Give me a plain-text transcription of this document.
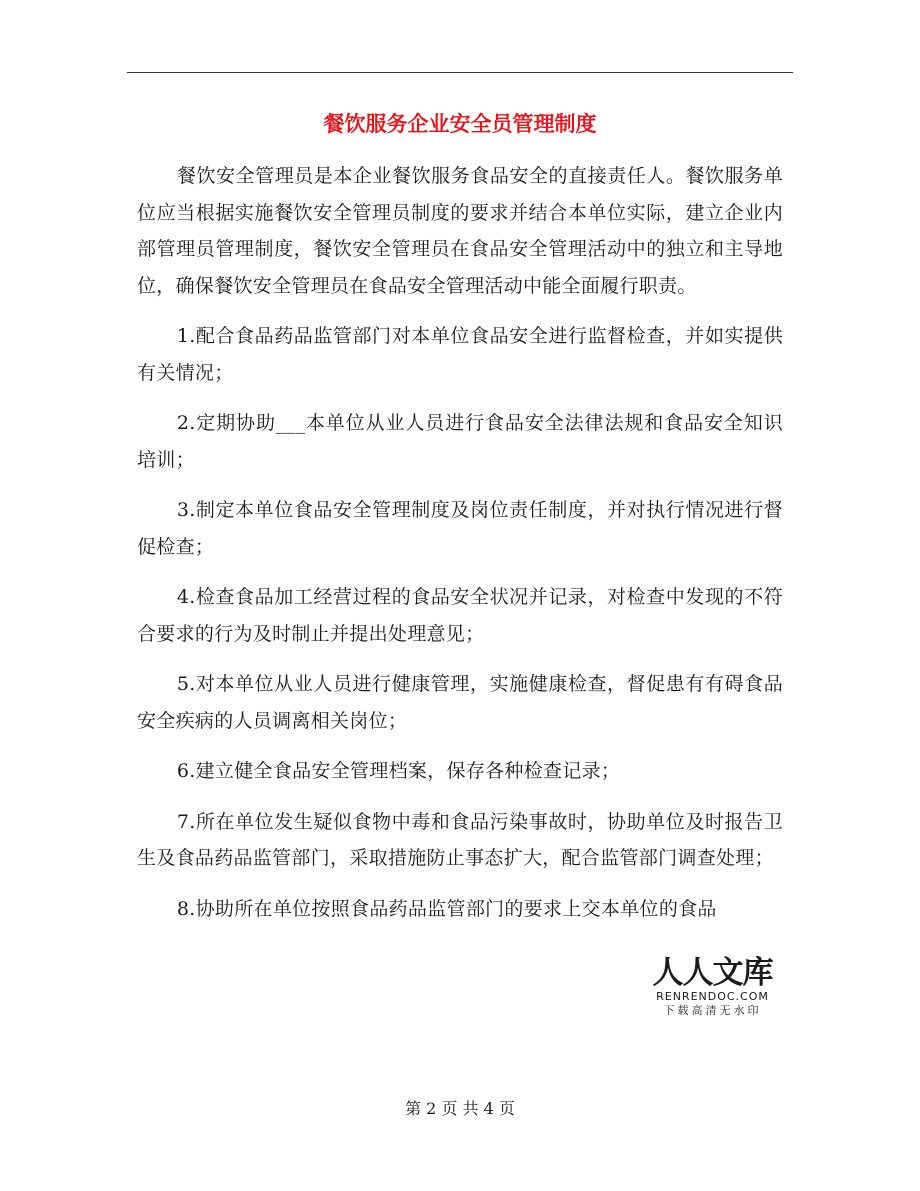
餐饮服务企业安全员管理制度

餐饮安全管理员是本企业餐饮服务食品安全的直接责任人。餐饮服务单位应当根据实施餐饮安全管理员制度的要求并结合本单位实际，建立企业内部管理员管理制度，餐饮安全管理员在食品安全管理活动中的独立和主导地位，确保餐饮安全管理员在食品安全管理活动中能全面履行职责。

1.配合食品药品监管部门对本单位食品安全进行监督检查，并如实提供有关情况；

2.定期协助___本单位从业人员进行食品安全法律法规和食品安全知识培训；

3.制定本单位食品安全管理制度及岗位责任制度，并对执行情况进行督促检查；

4.检查食品加工经营过程的食品安全状况并记录，对检查中发现的不符合要求的行为及时制止并提出处理意见；

5.对本单位从业人员进行健康管理，实施健康检查，督促患有有碍食品安全疾病的人员调离相关岗位；

6.建立健全食品安全管理档案，保存各种检查记录；

7.所在单位发生疑似食物中毒和食品污染事故时，协助单位及时报告卫生及食品药品监管部门，采取措施防止事态扩大，配合监管部门调查处理；

8.协助所在单位按照食品药品监管部门的要求上交本单位的食品

人人文库
RENRENDOC.COM
下载高清无水印
第 2 页 共 4 页
